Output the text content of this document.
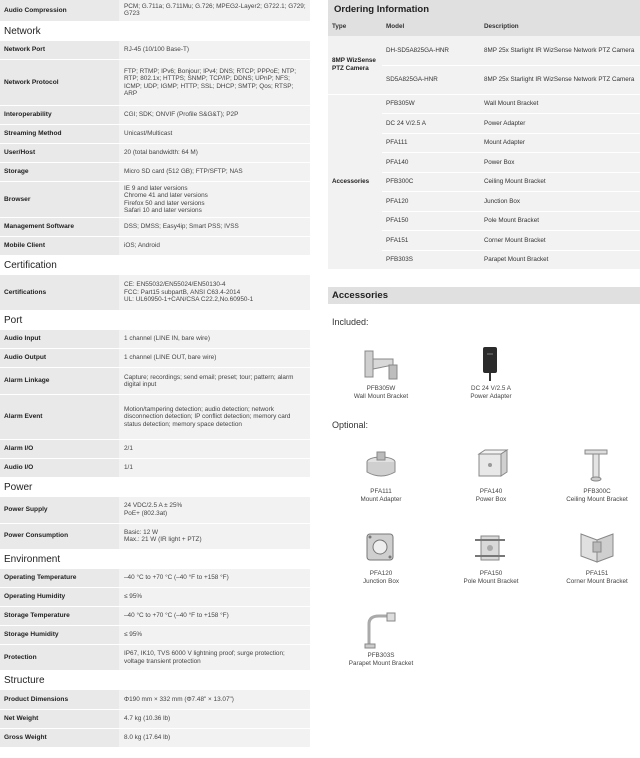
Audio Compression	PCM; G.711a; G.711Mu; G.726; MPEG2-Layer2; G722.1; G729; G723
Network
Network Port	RJ-45 (10/100 Base-T)
Network Protocol	FTP; RTMP; IPv6; Bonjour; IPv4; DNS; RTCP; PPPoE; NTP; RTP; 802.1x; HTTPS; SNMP; TCP/IP; DDNS; UPnP; NFS; ICMP; UDP; IGMP; HTTP; SSL; DHCP; SMTP; Qos; RTSP; ARP
Interoperability	CGI; SDK; ONVIF (Profile S&G&T); P2P
Streaming Method	Unicast/Multicast
User/Host	20 (total bandwidth: 64 M)
Storage	Micro SD card (512 GB); FTP/SFTP; NAS
Browser	IE 9 and later versions
Chrome 41 and later versions
Firefox 50 and later versions
Safari 10 and later versions
Management Software	DSS; DMSS; Easy4ip; Smart PSS; IVSS
Mobile Client	iOS; Android
Certification
Certifications	CE: EN55032/EN55024/EN50130-4
FCC: Part15 subpartB, ANSI C63.4-2014
UL: UL60950-1+CAN/CSA C22.2,No.60950-1
Port
Audio Input	1 channel (LINE IN, bare wire)
Audio Output	1 channel (LINE OUT, bare wire)
Alarm Linkage	Capture; recordings; send email; preset; tour; pattern; alarm digital input
Alarm Event	Motion/tampering detection; audio detection; network disconnection detection; IP conflict detection; memory card status detection; memory space detection
Alarm I/O	2/1
Audio I/O	1/1
Power
Power Supply	24 VDC/2.5 A ± 25%
PoE+ (802.3at)
Power Consumption	Basic: 12 W
Max.: 21 W (IR light + PTZ)
Environment
Operating Temperature	–40 °C to +70 °C (–40 °F to +158 °F)
Operating Humidity	≤ 95%
Storage Temperature	–40 °C to +70 °C (–40 °F to +158 °F)
Storage Humidity	≤ 95%
Protection	IP67, IK10, TVS 6000 V lightning proof; surge protection; voltage transient protection
Structure
Product Dimensions	Φ190 mm × 332 mm (Φ7.48" × 13.07")
Net Weight	4.7 kg (10.36 lb)
Gross Weight	8.0 kg (17.64 lb)
Ordering Information
Type	Model	Description
8MP WizSense PTZ Camera	DH-SD5A825GA-HNR	8MP 25x Starlight IR WizSense Network PTZ Camera
	SD5A825GA-HNR	8MP 25x Starlight IR WizSense Network PTZ Camera
Accessories	PFB305W	Wall Mount Bracket
	DC 24 V/2.5 A	Power Adapter
	PFA111	Mount Adapter
	PFA140	Power Box
	PFB300C	Ceiling Mount Bracket
	PFA120	Junction Box
	PFA150	Pole Mount Bracket
	PFA151	Corner Mount Bracket
	PFB303S	Parapet Mount Bracket
Accessories
Included:
Optional:
PFB305W
Wall Mount Bracket
DC 24 V/2.5 A
Power Adapter
PFA111
Mount Adapter
PFA140
Power Box
PFB300C
Ceiling Mount Bracket
PFA120
Junction Box
PFA150
Pole Mount Bracket
PFA151
Corner Mount Bracket
PFB303S
Parapet Mount Bracket
